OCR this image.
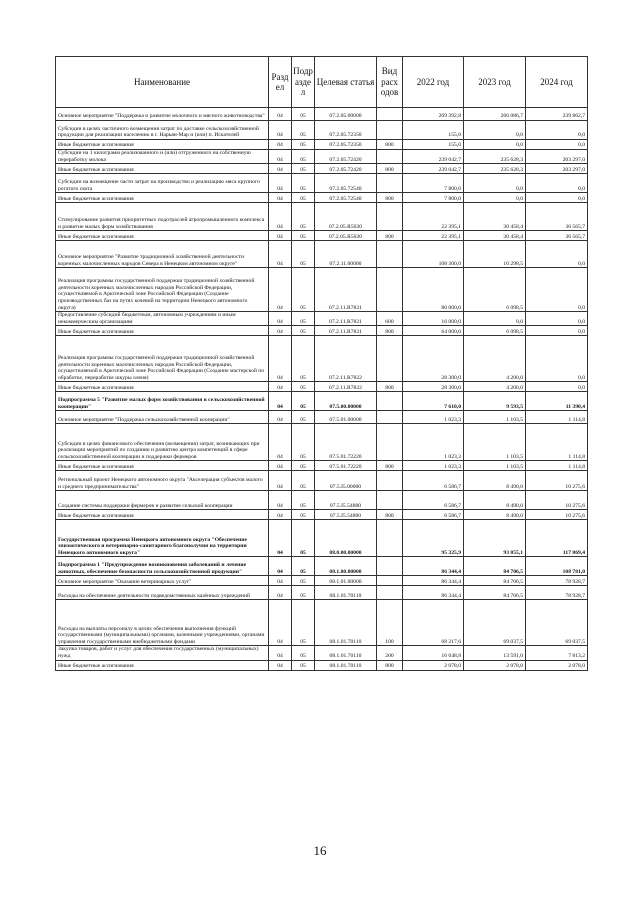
Наименование	Разд ел	Подр азде л	Целевая статья	Вид расх одов	2022 год	2023 год	2024 год
Основное мероприятие "Поддержка и развитие молочного и мясного животноводства"	04	05	07.2.05.00000		269 392,8	266 086,7	239 862,7
Субсидии в целях частичного возмещения затрат по доставке сельскохозяйственной продукции для реализации населению в г. Нарьян-Мар и (или) п. Искателей	04	05	07.2.05.72350		155,0	0,0	0,0
Иные бюджетные ассигнования	04	05	07.2.05.72350	800	155,0	0,0	0,0
Субсидии на 1 килограмм реализованного и (или) отгруженного на собственную переработку молока	04	05	07.2.05.72420		239 042,7	235 628,3	203 297,0
Иные бюджетные ассигнования	04	05	07.2.05.72420	800	239 042,7	235 628,3	203 297,0
Субсидии на возмещение части затрат на производство и реализацию мяса крупного рогатого скота	04	05	07.2.05.72540		7 800,0	0,0	0,0
Иные бюджетные ассигнования	04	05	07.2.05.72540	800	7 800,0	0,0	0,0
Стимулирование развития приоритетных подотраслей агропромышленного комплекса и развитие малых форм хозяйствования	04	05	07.2.05.R5020		22 395,1	30 458,4	36 565,7
Иные бюджетные ассигнования	04	05	07.2.05.R5020	800	22 395,1	30 458,4	36 565,7
Основное мероприятие "Развитие традиционной хозяйственной деятельности коренных малочисленных народов Севера в Ненецком автономном округе"	04	05	07.2.11.00000		108 300,0	10 298,5	0,0
Реализация программы государственной поддержки традиционной хозяйственной деятельности коренных малочисленных народов Российской Федерации, осуществляемой в Арктической зоне Российской Федерации (Создание производственных баз на путях кочевий на территории Ненецкого автономного округа)	04	05	07.2.11.R7821		80 000,0	6 098,5	0,0
Предоставление субсидий бюджетным, автономным учреждениям и иным некоммерческим организациям	04	05	07.2.11.R7821	600	16 000,0	0,0	0,0
Иные бюджетные ассигнования	04	05	07.2.11.R7821	800	64 000,0	6 098,5	0,0
Реализация программы государственной поддержки традиционной хозяйственной деятельности коренных малочисленных народов Российской Федерации, осуществляемой в Арктической зоне Российской Федерации (Создание мастерской по обработке, переработке шкуры оленя)	04	05	07.2.11.R7822		28 300,0	4 200,0	0,0
Иные бюджетные ассигнования	04	05	07.2.11.R7822	800	28 300,0	4 200,0	0,0
Подпрограмма 5 "Развитие малых форм хозяйствования в сельскохозяйственной кооперации"	04	05	07.5.00.00000		7 610,0	9 593,5	11 390,4
Основное мероприятие "Поддержка сельскохозяйственной кооперации"	04	05	07.5.01.00000		1 023,3	1 103,5	1 114,8
Субсидии в целях финансового обеспечения (возмещения) затрат, возникающих при реализации мероприятий по созданию и развитию центра компетенций в сфере сельскохозяйственной кооперации и поддержки фермеров	04	05	07.5.01.72220		1 023,3	1 103,5	1 114,8
Иные бюджетные ассигнования	04	05	07.5.01.72220	800	1 023,3	1 103,5	1 114,8
Региональный проект Ненецкого автономного округа "Акселерация субъектов малого и среднего предпринимательства"	04	05	07.5.I5.00000		6 586,7	8 490,0	10 275,6
Создание системы поддержки фермеров и развитие сельской кооперации	04	05	07.5.I5.54800		6 586,7	8 490,0	10 275,6
Иные бюджетные ассигнования	04	05	07.5.I5.54800	800	6 586,7	8 490,0	10 275,6
Государственная программа Ненецкого автономного округа "Обеспечение эпизоотического и ветеринарно-санитарного благополучия на территории Ненецкого автономного округа"	04	05	08.0.00.00000		95 325,9	93 855,1	117 869,4
Подпрограмма 1 "Предупреждение возникновения заболеваний и лечение животных, обеспечение безопасности сельскохозяйственной продукции"	04	05	08.1.00.00000		86 344,4	84 706,5	108 781,0
Основное мероприятие "Оказание ветеринарных услуг"	04	05	08.1.01.00000		86 344,4	84 706,5	78 928,7
Расходы на обеспечение деятельности подведомственных казённых учреждений	04	05	08.1.01.70110		86 344,4	84 706,5	78 928,7
Расходы на выплаты персоналу в целях обеспечения выполнения функций государственными (муниципальными) органами, казенными учреждениями, органами управления государственными внебюджетными фондами	04	05	08.1.01.70110	100	68 217,6	69 037,5	69 037,5
Закупка товаров, работ и услуг для обеспечения государственных (муниципальных) нужд	04	05	08.1.01.70110	200	16 048,8	13 591,0	7 813,2
Иные бюджетные ассигнования	04	05	08.1.01.70110	800	2 078,0	2 078,0	2 078,0
16
